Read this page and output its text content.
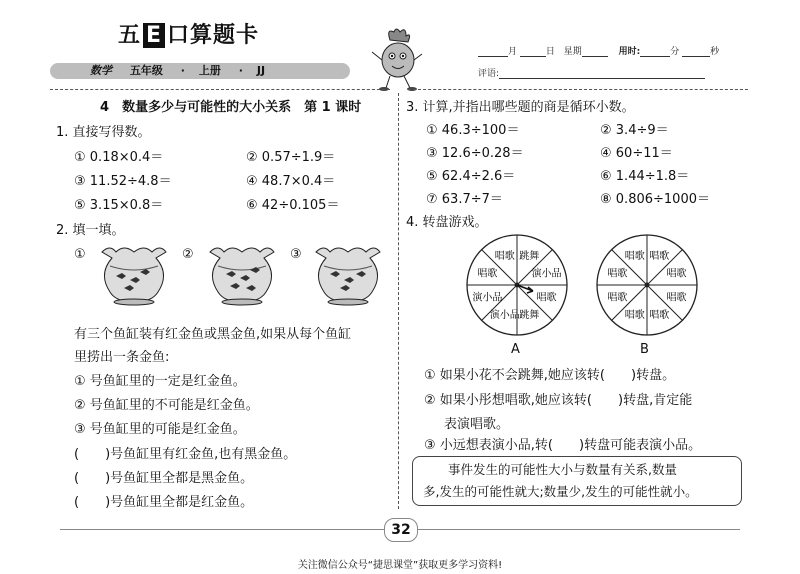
五 E 口算题卡
数学 五年级 · 上册 · JJ
月	日 星期	用时:	分	秒
评语:
4　 数量多少与可能性的大小关系　 第 1 课时
1. 直接写得数。
① 0.18×0.4＝	② 0.57÷1.9＝
③ 11.52÷4.8＝	④ 48.7×0.4＝
⑤ 3.15×0.8＝	⑥ 42÷0.105＝
2. 填一填。
①	②	③
有三个鱼缸装有红金鱼或黑金鱼,如果从每个鱼缸
里捞出一条金鱼:
① 号鱼缸里的一定是红金鱼。
② 号鱼缸里的不可能是红金鱼。
③ 号鱼缸里的可能是红金鱼。
(　　)号鱼缸里有红金鱼,也有黑金鱼。
(　　)号鱼缸里全都是黑金鱼。
(　　)号鱼缸里全都是红金鱼。
3. 计算,并指出哪些题的商是循环小数。
① 46.3÷100＝	② 3.4÷9＝
③ 12.6÷0.28＝	④ 60÷11＝
⑤ 62.4÷2.6＝	⑥ 1.44÷1.8＝
⑦ 63.7÷7＝	⑧ 0.806÷1000＝
4. 转盘游戏。
跳舞
演小品
唱歌
跳舞
演小品
演小品
唱歌
唱歌	唱歌
唱歌
唱歌
唱歌
唱歌
唱歌
唱歌
唱歌
A	B
① 如果小花不会跳舞,她应该转(　　)转盘。
② 如果小彤想唱歌,她应该转(　　)转盘,肯定能
表演唱歌。
③ 小远想表演小品,转(　　)转盘可能表演小品。
事件发生的可能性大小与数量有关系,数量
多,发生的可能性就大;数量少,发生的可能性就小。
32
关注微信公众号“捷思课堂”获取更多学习资料!
